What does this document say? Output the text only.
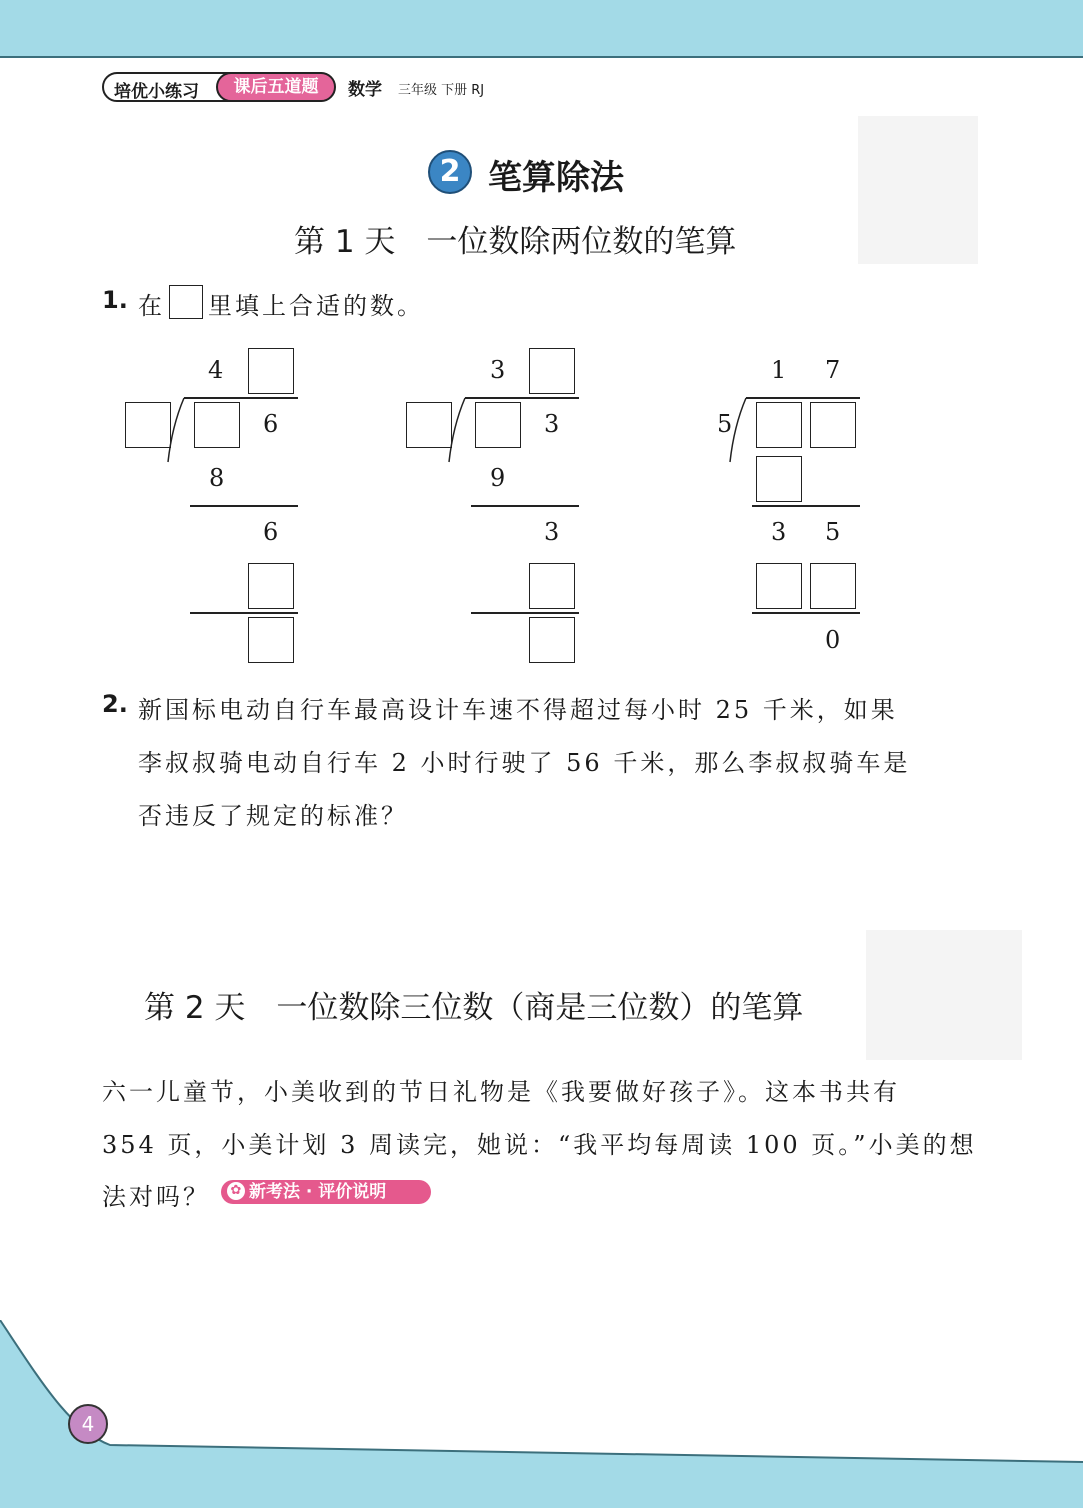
培优小练习	课后五道题	数学 三年级 下册 RJ
2 笔算除法
第 1 天　一位数除两位数的笔算
1. 在 里填上合适的数。
4
6
8
6
3
3
9
3
1 7
5
3 5
0
2. 新国标电动自行车最高设计车速不得超过每小时 25 千米，如果
李叔叔骑电动自行车 2 小时行驶了 56 千米，那么李叔叔骑车是
否违反了规定的标准？
第 2 天　一位数除三位数（商是三位数）的笔算
六一儿童节，小美收到的节日礼物是《我要做好孩子》。这本书共有
354 页，小美计划 3 周读完，她说：“我平均每周读 100 页。”小美的想
法对吗？	✿ 新考法 · 评价说明
4
